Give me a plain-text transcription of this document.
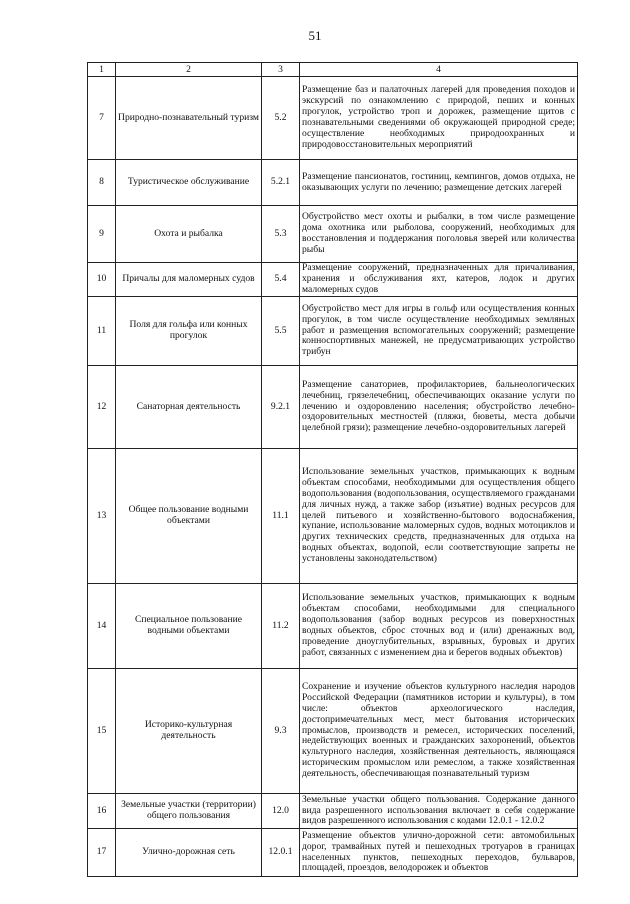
51
1	2	3	4
7	Природно-познавательный туризм	5.2	Размещение баз и палаточных лагерей для проведения походов и экскурсий по ознакомлению с природой, пеших и конных прогулок, устройство троп и дорожек, размещение щитов с познавательными сведениями об окружающей природной среде; осуществление необходимых природоохранных и природовосстановительных мероприятий
8	Туристическое обслуживание	5.2.1	Размещение пансионатов, гостиниц, кемпингов, домов отдыха, не оказывающих услуги по лечению; размещение детских лагерей
9	Охота и рыбалка	5.3	Обустройство мест охоты и рыбалки, в том числе размещение дома охотника или рыболова, сооружений, необходимых для восстановления и поддержания поголовья зверей или количества рыбы
10	Причалы для маломерных судов	5.4	Размещение сооружений, предназначенных для причаливания, хранения и обслуживания яхт, катеров, лодок и других маломерных судов
11	Поля для гольфа или конных прогулок	5.5	Обустройство мест для игры в гольф или осуществления конных прогулок, в том числе осуществление необходимых земляных работ и размещения вспомогательных сооружений; размещение конноспортивных манежей, не предусматривающих устройство трибун
12	Санаторная деятельность	9.2.1	Размещение санаториев, профилакториев, бальнеологических лечебниц, грязелечебниц, обеспечивающих оказание услуги по лечению и оздоровлению населения; обустройство лечебно-оздоровительных местностей (пляжи, бюветы, места добычи целебной грязи); размещение лечебно-оздоровительных лагерей
13	Общее пользование водными объектами	11.1	Использование земельных участков, примыкающих к водным объектам способами, необходимыми для осуществления общего водопользования (водопользования, осуществляемого гражданами для личных нужд, а также забор (изъятие) водных ресурсов для целей питьевого и хозяйственно-бытового водоснабжения, купание, использование маломерных судов, водных мотоциклов и других технических средств, предназначенных для отдыха на водных объектах, водопой, если соответствующие запреты не установлены законодательством)
14	Специальное пользование водными объектами	11.2	Использование земельных участков, примыкающих к водным объектам способами, необходимыми для специального водопользования (забор водных ресурсов из поверхностных водных объектов, сброс сточных вод и (или) дренажных вод, проведение дноуглубительных, взрывных, буровых и других работ, связанных с изменением дна и берегов водных объектов)
15	Историко-культурная деятельность	9.3	Сохранение и изучение объектов культурного наследия народов Российской Федерации (памятников истории и культуры), в том числе: объектов археологического наследия, достопримечательных мест, мест бытования исторических промыслов, производств и ремесел, исторических поселений, недействующих военных и гражданских захоронений, объектов культурного наследия, хозяйственная деятельность, являющаяся историческим промыслом или ремеслом, а также хозяйственная деятельность, обеспечивающая познавательный туризм
16	Земельные участки (территории) общего пользования	12.0	Земельные участки общего пользования. Содержание данного вида разрешенного использования включает в себя содержание видов разрешенного использования с кодами 12.0.1 - 12.0.2
17	Улично-дорожная сеть	12.0.1	Размещение объектов улично-дорожной сети: автомобильных дорог, трамвайных путей и пешеходных тротуаров в границах населенных пунктов, пешеходных переходов, бульваров, площадей, проездов, велодорожек и объектов
